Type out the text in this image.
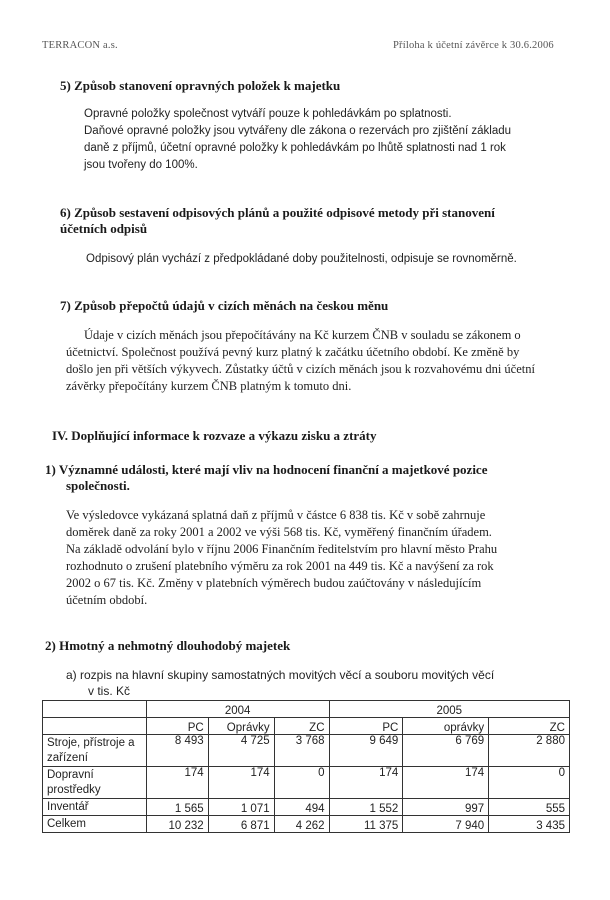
TERRACON a.s.	Příloha k účetní závěrce k 30.6.2006
5) Způsob stanovení opravných položek k majetku
Opravné položky společnost vytváří pouze k pohledávkám po splatnosti.
Daňové opravné položky jsou vytvářeny dle zákona o rezervách pro zjištění základu
daně z příjmů, účetní opravné položky k pohledávkám po lhůtě splatnosti nad 1 rok
jsou tvořeny do 100%.
6) Způsob sestavení odpisových plánů a použité odpisové metody při stanovení
účetních odpisů
Odpisový plán vychází z předpokládané doby použitelnosti, odpisuje se rovnoměrně.
7) Způsob přepočtů údajů v cizích měnách na českou měnu
Údaje v cizích měnách jsou přepočítávány na Kč kurzem ČNB v souladu se zákonem o
účetnictví. Společnost používá pevný kurz platný k začátku účetního období. Ke změně by
došlo jen při větších výkyvech. Zůstatky účtů v cizích měnách jsou k rozvahovému dni účetní
závěrky přepočítány kurzem ČNB platným k tomuto dni.
IV. Doplňující informace k rozvaze a výkazu zisku a ztráty
1) Významné události, které mají vliv na hodnocení finanční a majetkové pozice
společnosti.
Ve výsledovce vykázaná splatná daň z příjmů v částce 6 838 tis. Kč v sobě zahrnuje
doměrek daně za roky 2001 a 2002 ve výši 568 tis. Kč, vyměřený finančním úřadem.
Na základě odvolání bylo v říjnu 2006 Finančním ředitelstvím pro hlavní město Prahu
rozhodnuto o zrušení platebního výměru za rok 2001 na 449 tis. Kč a navýšení za rok
2002 o 67 tis. Kč. Změny v platebních výměrech budou zaúčtovány v následujícím
účetním období.
2) Hmotný a nehmotný dlouhodobý majetek
a) rozpis na hlavní skupiny samostatných movitých věcí a souboru movitých věcí
v tis. Kč
	2004			2005		
	PC	Oprávky	ZC	PC	oprávky	ZC
Stroje, přístroje a
zařízení	8 493	4 725	3 768	9 649	6 769	2 880
Dopravní
prostředky	174	174	0	174	174	0
Inventář	1 565	1 071	494	1 552	997	555
Celkem	10 232	6 871	4 262	11 375	7 940	3 435
